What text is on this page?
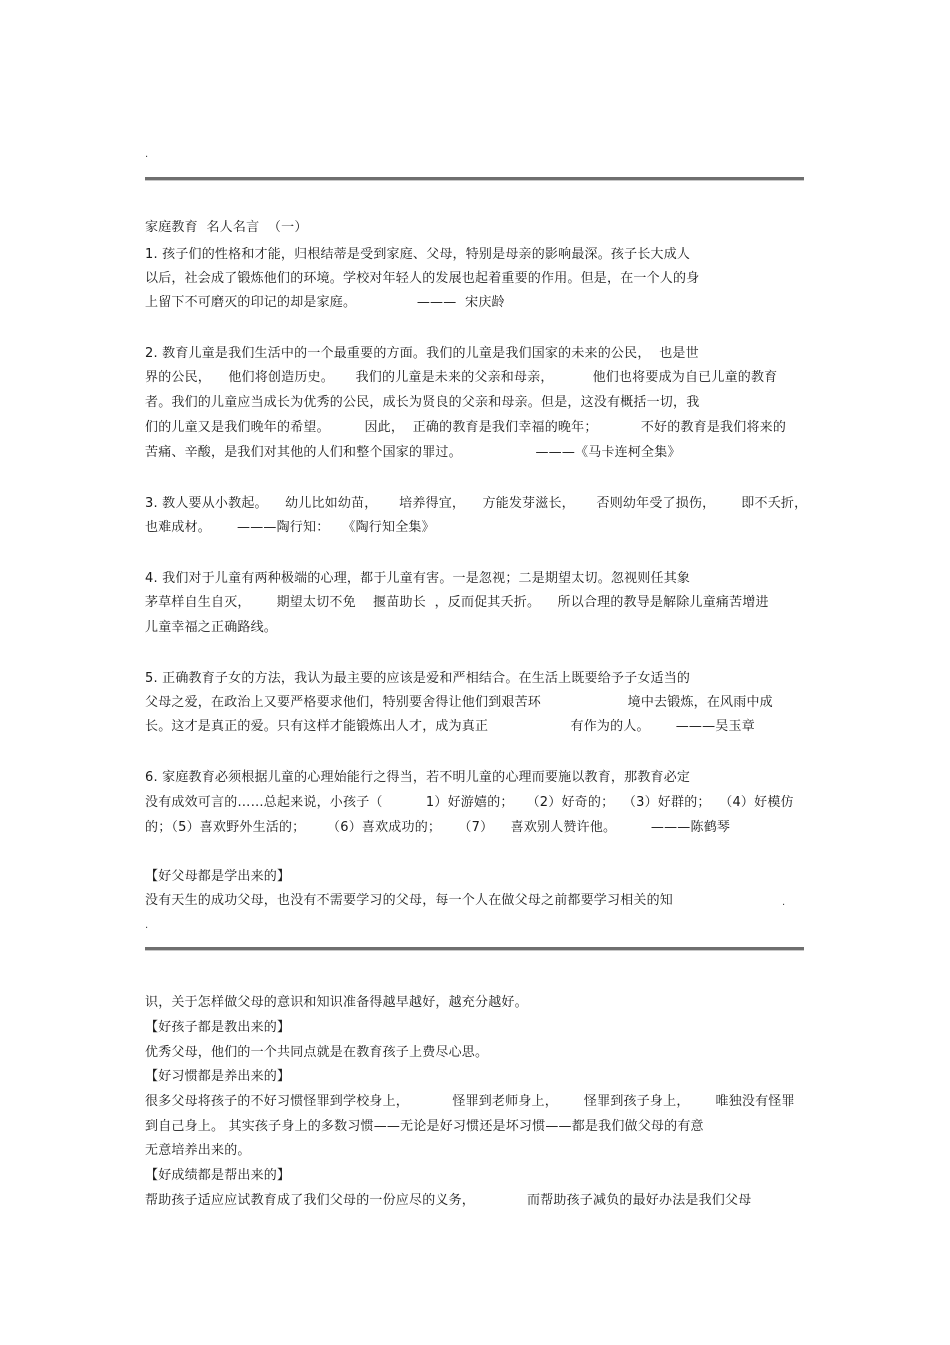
.
家庭教育  名人名言  （一）
1. 孩子们的性格和才能，归根结蒂是受到家庭、父母，特别是母亲的影响最深。孩子长大成人
以后，社会成了锻炼他们的环境。学校对年轻人的发展也起着重要的作用。但是，在一个人的身
上留下不可磨灭的印记的却是家庭。              ———  宋庆龄
2. 教育儿童是我们生活中的一个最重要的方面。我们的儿童是我们国家的未来的公民，  也是世
界的公民，    他们将创造历史。     我们的儿童是未来的父亲和母亲，         他们也将要成为自已儿童的教育
者。我们的儿童应当成长为优秀的公民，成长为贤良的父亲和母亲。但是，这没有概括一切，我
们的儿童又是我们晚年的希望。        因此，  正确的教育是我们幸福的晚年；          不好的教育是我们将来的
苦痛、辛酸，是我们对其他的人们和整个国家的罪过。                 ———《马卡连柯全集》
3. 教人要从小教起。    幼儿比如幼苗，     培养得宜，    方能发芽滋长，     否则幼年受了损伤，      即不夭折，
也难成材。      ———陶行知：   《陶行知全集》
4. 我们对于儿童有两种极端的心理，都于儿童有害。一是忽视；二是期望太切。忽视则任其象
茅草样自生自灭，      期望太切不免    揠苗助长  ，反而促其夭折。    所以合理的教导是解除儿童痛苦增进
儿童幸福之正确路线。
5. 正确教育子女的方法，我认为最主要的应该是爱和严相结合。在生活上既要给予子女适当的
父母之爱，在政治上又要严格要求他们，特别要舍得让他们到艰苦环                    境中去锻炼，在风雨中成
长。这才是真正的爱。只有这样才能锻炼出人才，成为真正                   有作为的人。      ———吴玉章
6. 家庭教育必须根据儿童的心理始能行之得当，若不明儿童的心理而要施以教育，那教育必定
没有成效可言的……总起来说，小孩子（          1）好游嬉的；   （2）好奇的；  （3）好群的；  （4）好模仿
的；（5）喜欢野外生活的；     （6）喜欢成功的；    （7）    喜欢别人赞许他。        ———陈鹤琴
【好父母都是学出来的】
没有天生的成功父母，也没有不需要学习的父母，每一个人在做父母之前都要学习相关的知	.
.
识，关于怎样做父母的意识和知识准备得越早越好，越充分越好。
【好孩子都是教出来的】
优秀父母，他们的一个共同点就是在教育孩子上费尽心思。
【好习惯都是养出来的】
很多父母将孩子的不好习惯怪罪到学校身上，          怪罪到老师身上，      怪罪到孩子身上，      唯独没有怪罪
到自己身上。 其实孩子身上的多数习惯——无论是好习惯还是坏习惯——都是我们做父母的有意
无意培养出来的。
【好成绩都是帮出来的】
帮助孩子适应应试教育成了我们父母的一份应尽的义务，            而帮助孩子减负的最好办法是我们父母
